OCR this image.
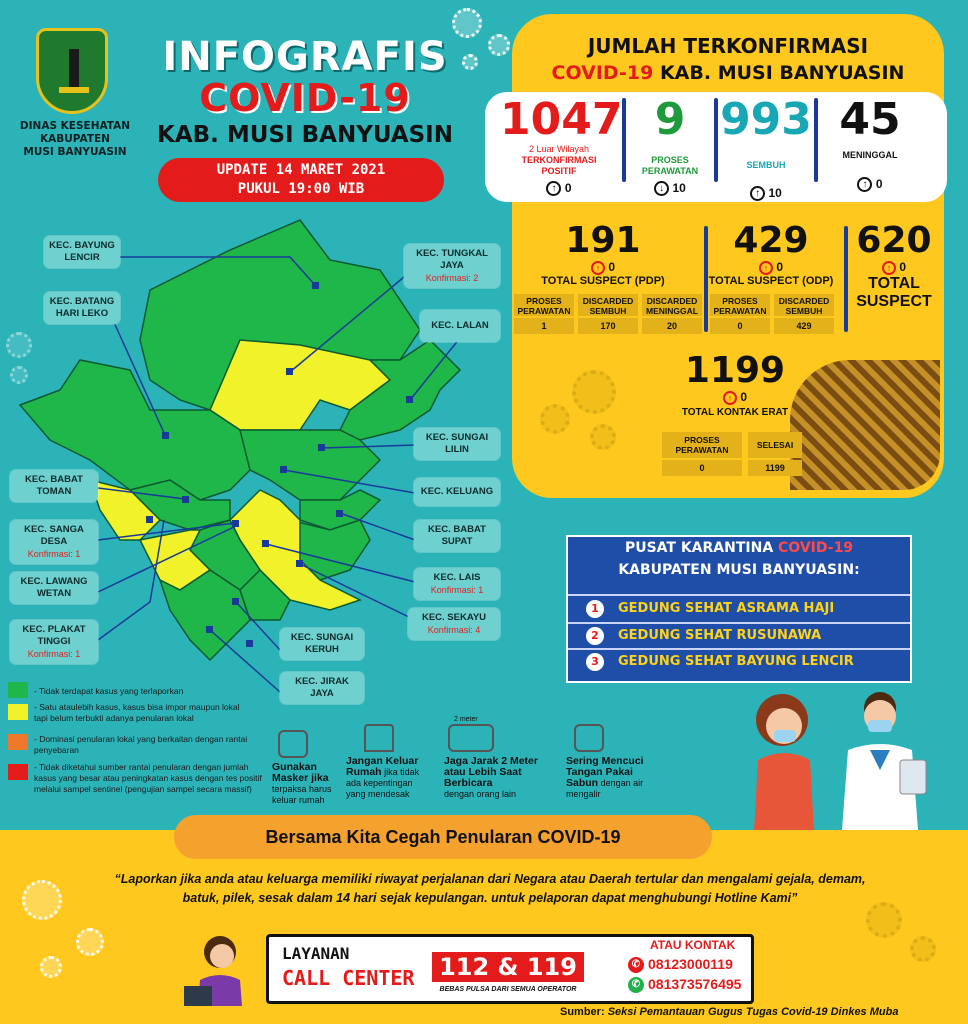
DINAS KESEHATAN
KABUPATEN
MUSI BANYUASIN
INFOGRAFIS
COVID-19
KAB. MUSI BANYUASIN
UPDATE 14 MARET 2021
PUKUL 19:00 WIB
JUMLAH TERKONFIRMASI
COVID-19 KAB. MUSI BANYUASIN
1047
2 Luar Wilayah
TERKONFIRMASI
POSITIF
↑ 0
9
PROSES
PERAWATAN
↓ 10
993
SEMBUH
↑ 10
45
MENINGGAL
↑ 0
191
↑ 0
TOTAL SUSPECT (PDP)
PROSES
PERAWATAN
DISCARDED
SEMBUH
DISCARDED
MENINGGAL
1	170	20
429
↑ 0
TOTAL SUSPECT (ODP)
PROSES
PERAWATAN
DISCARDED
SEMBUH
0	429
620
↑ 0
TOTAL
SUSPECT
1199
↑ 0
TOTAL KONTAK ERAT
PROSES
PERAWATAN	SELESAI
0	1199
KEC. BAYUNG LENCIR
KEC. BATANG HARI LEKO
KEC. TUNGKAL JAYA
Konfirmasi: 2
KEC. LALAN
KEC. SUNGAI LILIN
KEC. BABAT TOMAN	KEC. KELUANG
KEC. SANGA DESA
Konfirmasi: 1
KEC. BABAT SUPAT
KEC. LAWANG WETAN
KEC. LAIS
Konfirmasi: 1
KEC. SEKAYU
Konfirmasi: 4
KEC. PLAKAT TINGGI
Konfirmasi: 1
KEC. SUNGAI KERUH
KEC. JIRAK JAYA
- Tidak terdapat kasus yang terlaporkan
- Satu ataulebih kasus, kasus bisa impor maupun lokal tapi belum terbukti adanya penularan lokal
- Dominasi penularan lokal yang berkaitan dengan rantai penyebaran
- Tidak diketahui sumber rantai penularan dengan jumlah kasus yang besar atau peningkatan kasus dengan tes positif melalui sampel sentinel (pengujian sampel secara massif)
PUSAT KARANTINA COVID-19
KABUPATEN MUSI BANYUASIN:
1 GEDUNG SEHAT ASRAMA HAJI
2 GEDUNG SEHAT RUSUNAWA
3 GEDUNG SEHAT BAYUNG LENCIR
Gunakan Masker jika
terpaksa harus keluar rumah
Jangan Keluar Rumah jika tidak ada kepentingan yang mendesak
2 meter
Jaga Jarak 2 Meter atau Lebih Saat Berbicara
dengan orang lain
Sering Mencuci Tangan Pakai Sabun dengan air mengalir
Bersama Kita Cegah Penularan COVID-19
“Laporkan jika anda atau keluarga memiliki riwayat perjalanan dari Negara atau Daerah tertular dan mengalami gejala, demam, batuk, pilek, sesak dalam 14 hari sejak kepulangan. untuk pelaporan dapat menghubungi Hotline Kami”
LAYANAN
CALL CENTER 112 & 119
BEBAS PULSA DARI SEMUA OPERATOR
ATAU KONTAK
✆ 08123000119
✆ 081373576495
Sumber: Seksi Pemantauan Gugus Tugas Covid-19 Dinkes Muba
